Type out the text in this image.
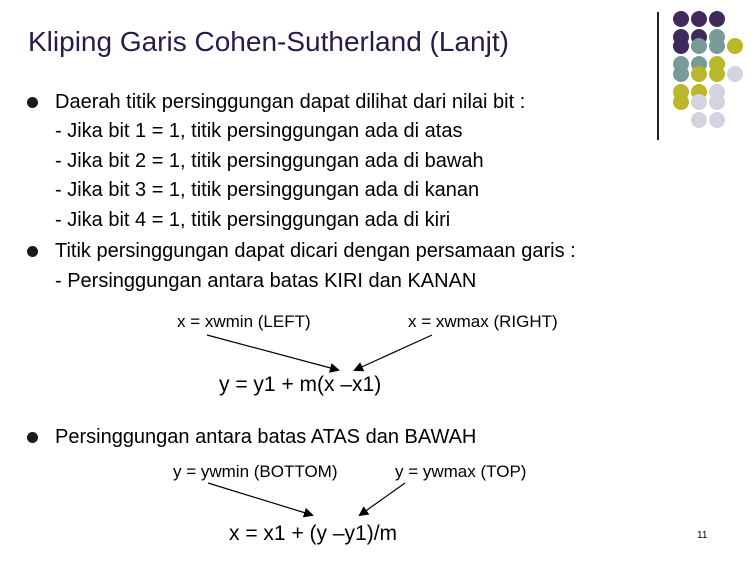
Kliping Garis Cohen-Sutherland (Lanjt)
Daerah titik persinggungan dapat dilihat dari nilai bit :
- Jika bit 1 = 1, titik persinggungan ada di atas
- Jika bit 2 = 1, titik persinggungan ada di bawah
- Jika bit 3 = 1, titik persinggungan ada di kanan
- Jika bit 4 = 1, titik persinggungan ada di kiri
Titik persinggungan dapat dicari dengan persamaan garis :
- Persinggungan antara batas KIRI dan KANAN
x = xwmin (LEFT)	x = xwmax (RIGHT)
y = y1 + m(x –x1)
Persinggungan antara batas ATAS dan BAWAH
y = ywmin (BOTTOM)	y = ywmax (TOP)
x = x1 + (y –y1)/m	11
